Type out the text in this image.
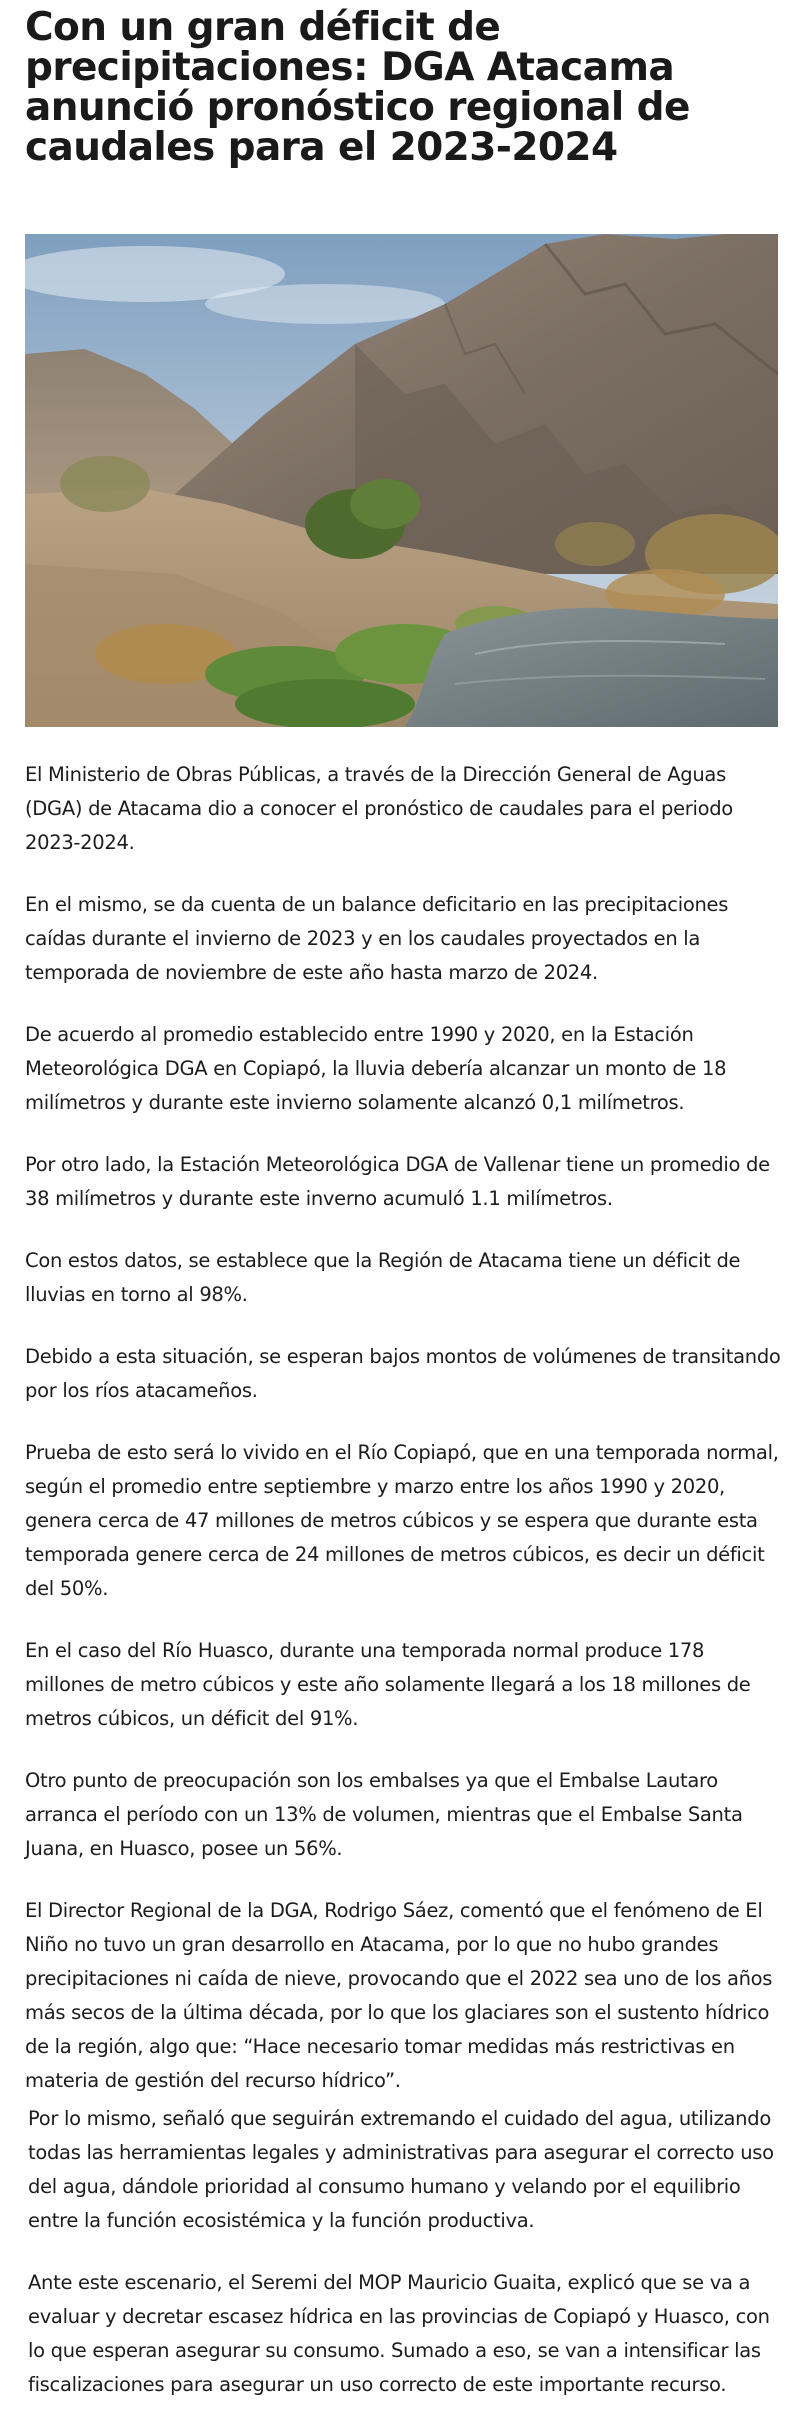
Con un gran déficit de precipitaciones: DGA Atacama anunció pronóstico regional de caudales para el 2023-2024

El Ministerio de Obras Públicas, a través de la Dirección General de Aguas (DGA) de Atacama dio a conocer el pronóstico de caudales para el periodo 2023-2024.

En el mismo, se da cuenta de un balance deficitario en las precipitaciones caídas durante el invierno de 2023 y en los caudales proyectados en la temporada de noviembre de este año hasta marzo de 2024.

De acuerdo al promedio establecido entre 1990 y 2020, en la Estación Meteorológica DGA en Copiapó, la lluvia debería alcanzar un monto de 18 milímetros y durante este invierno solamente alcanzó 0,1 milímetros.

Por otro lado, la Estación Meteorológica DGA de Vallenar tiene un promedio de 38 milímetros y durante este inverno acumuló 1.1 milímetros.

Con estos datos, se establece que la Región de Atacama tiene un déficit de lluvias en torno al 98%.

Debido a esta situación, se esperan bajos montos de volúmenes de transitando por los ríos atacameños.

Prueba de esto será lo vivido en el Río Copiapó, que en una temporada normal, según el promedio entre septiembre y marzo entre los años 1990 y 2020, genera cerca de 47 millones de metros cúbicos y se espera que durante esta temporada genere cerca de 24 millones de metros cúbicos, es decir un déficit del 50%.

En el caso del Río Huasco, durante una temporada normal produce 178 millones de metro cúbicos y este año solamente llegará a los 18 millones de metros cúbicos, un déficit del 91%.

Otro punto de preocupación son los embalses ya que el Embalse Lautaro arranca el período con un 13% de volumen, mientras que el Embalse Santa Juana, en Huasco, posee un 56%.

El Director Regional de la DGA, Rodrigo Sáez, comentó que el fenómeno de El Niño no tuvo un gran desarrollo en Atacama, por lo que no hubo grandes precipitaciones ni caída de nieve, provocando que el 2022 sea uno de los años más secos de la última década, por lo que los glaciares son el sustento hídrico de la región, algo que: “Hace necesario tomar medidas más restrictivas en materia de gestión del recurso hídrico”.

Por lo mismo, señaló que seguirán extremando el cuidado del agua, utilizando todas las herramientas legales y administrativas para asegurar el correcto uso del agua, dándole prioridad al consumo humano y velando por el equilibrio entre la función ecosistémica y la función productiva.

Ante este escenario, el Seremi del MOP Mauricio Guaita, explicó que se va a evaluar y decretar escasez hídrica en las provincias de Copiapó y Huasco, con lo que esperan asegurar su consumo. Sumado a eso, se van a intensificar las fiscalizaciones para asegurar un uso correcto de este importante recurso.
